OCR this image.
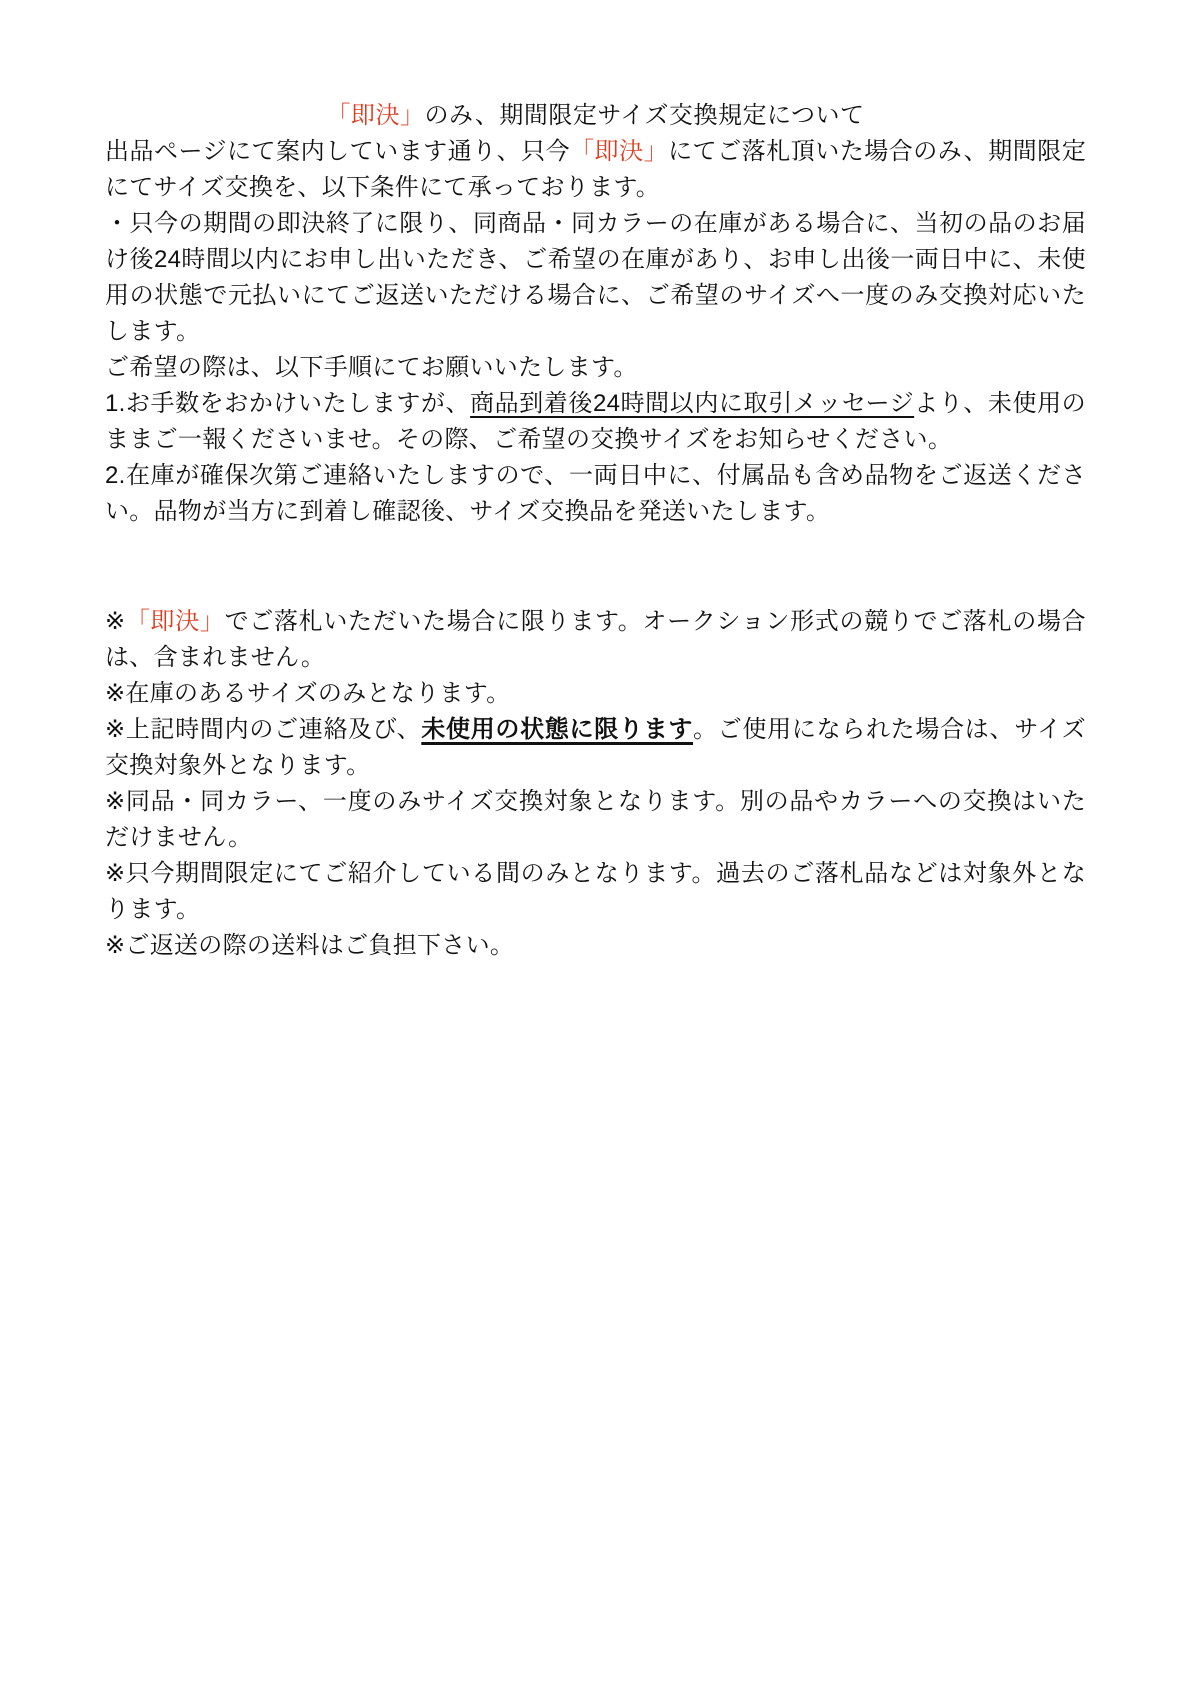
「即決」のみ、期間限定サイズ交換規定について

出品ページにて案内しています通り、只今「即決」にてご落札頂いた場合のみ、期間限定にてサイズ交換を、以下条件にて承っております。

・只今の期間の即決終了に限り、同商品・同カラーの在庫がある場合に、当初の品のお届け後24時間以内にお申し出いただき、ご希望の在庫があり、お申し出後一両日中に、未使用の状態で元払いにてご返送いただける場合に、ご希望のサイズへ一度のみ交換対応いたします。
ご希望の際は、以下手順にてお願いいたします。

1.お手数をおかけいたしますが、商品到着後24時間以内に取引メッセージより、未使用のままご一報くださいませ。その際、ご希望の交換サイズをお知らせください。

2.在庫が確保次第ご連絡いたしますので、一両日中に、付属品も含め品物をご返送ください。品物が当方に到着し確認後、サイズ交換品を発送いたします。

※「即決」でご落札いただいた場合に限ります。オークション形式の競りでご落札の場合は、含まれません。

※在庫のあるサイズのみとなります。

※上記時間内のご連絡及び、未使用の状態に限ります。ご使用になられた場合は、サイズ交換対象外となります。

※同品・同カラー、一度のみサイズ交換対象となります。別の品やカラーへの交換はいただけません。

※只今期間限定にてご紹介している間のみとなります。過去のご落札品などは対象外となります。

※ご返送の際の送料はご負担下さい。
